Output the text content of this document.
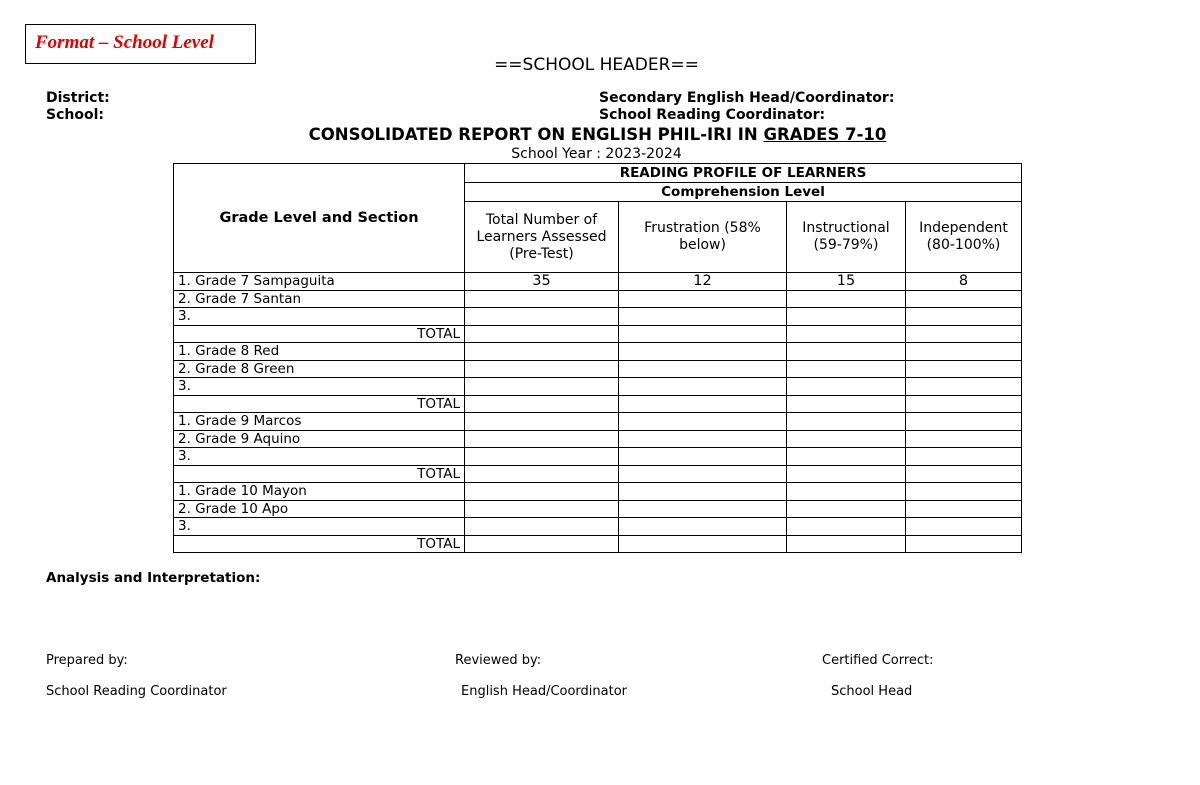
Format – School Level
==SCHOOL HEADER==
District:
School:
Secondary English Head/Coordinator:
School Reading Coordinator:
CONSOLIDATED REPORT ON ENGLISH PHIL-IRI IN GRADES 7-10
School Year : 2023-2024
Grade Level and Section	READING PROFILE OF LEARNERS			
	Comprehension Level			
	Total Number of Learners Assessed (Pre-Test)	Frustration (58% below)	Instructional (59-79%)	Independent (80-100%)
1. Grade 7 Sampaguita	35	12	15	8
2. Grade 7 Santan				
3.				
TOTAL				
1. Grade 8 Red				
2. Grade 8 Green				
3.				
TOTAL				
1. Grade 9 Marcos				
2. Grade 9 Aquino				
3.				
TOTAL				
1. Grade 10 Mayon				
2. Grade 10 Apo				
3.				
TOTAL				
Analysis and Interpretation:
Prepared by:	Reviewed by:	Certified Correct:
School Reading Coordinator	English Head/Coordinator	School Head
